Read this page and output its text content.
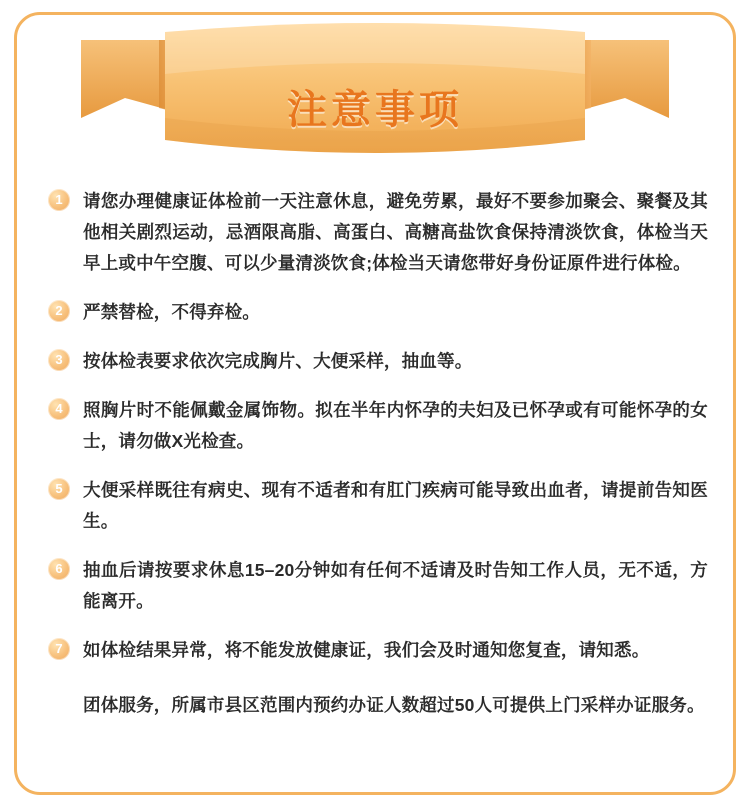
注意事项
1	请您办理健康证体检前一天注意休息，避免劳累，最好不要参加聚会、聚餐及其他相关剧烈运动，忌酒限高脂、高蛋白、高糖高盐饮食保持清淡饮食，体检当天早上或中午空腹、可以少量清淡饮食;体检当天请您带好身份证原件进行体检。
2	严禁替检，不得弃检。
3	按体检表要求依次完成胸片、大便采样，抽血等。
4	照胸片时不能佩戴金属饰物。拟在半年内怀孕的夫妇及已怀孕或有可能怀孕的女士，请勿做X光检查。
5	大便采样既往有病史、现有不适者和有肛门疾病可能导致出血者，请提前告知医生。
6	抽血后请按要求休息15–20分钟如有任何不适请及时告知工作人员，无不适，方能离开。
7	如体检结果异常，将不能发放健康证，我们会及时通知您复查，请知悉。
团体服务，所属市县区范围内预约办证人数超过50人可提供上门采样办证服务。
